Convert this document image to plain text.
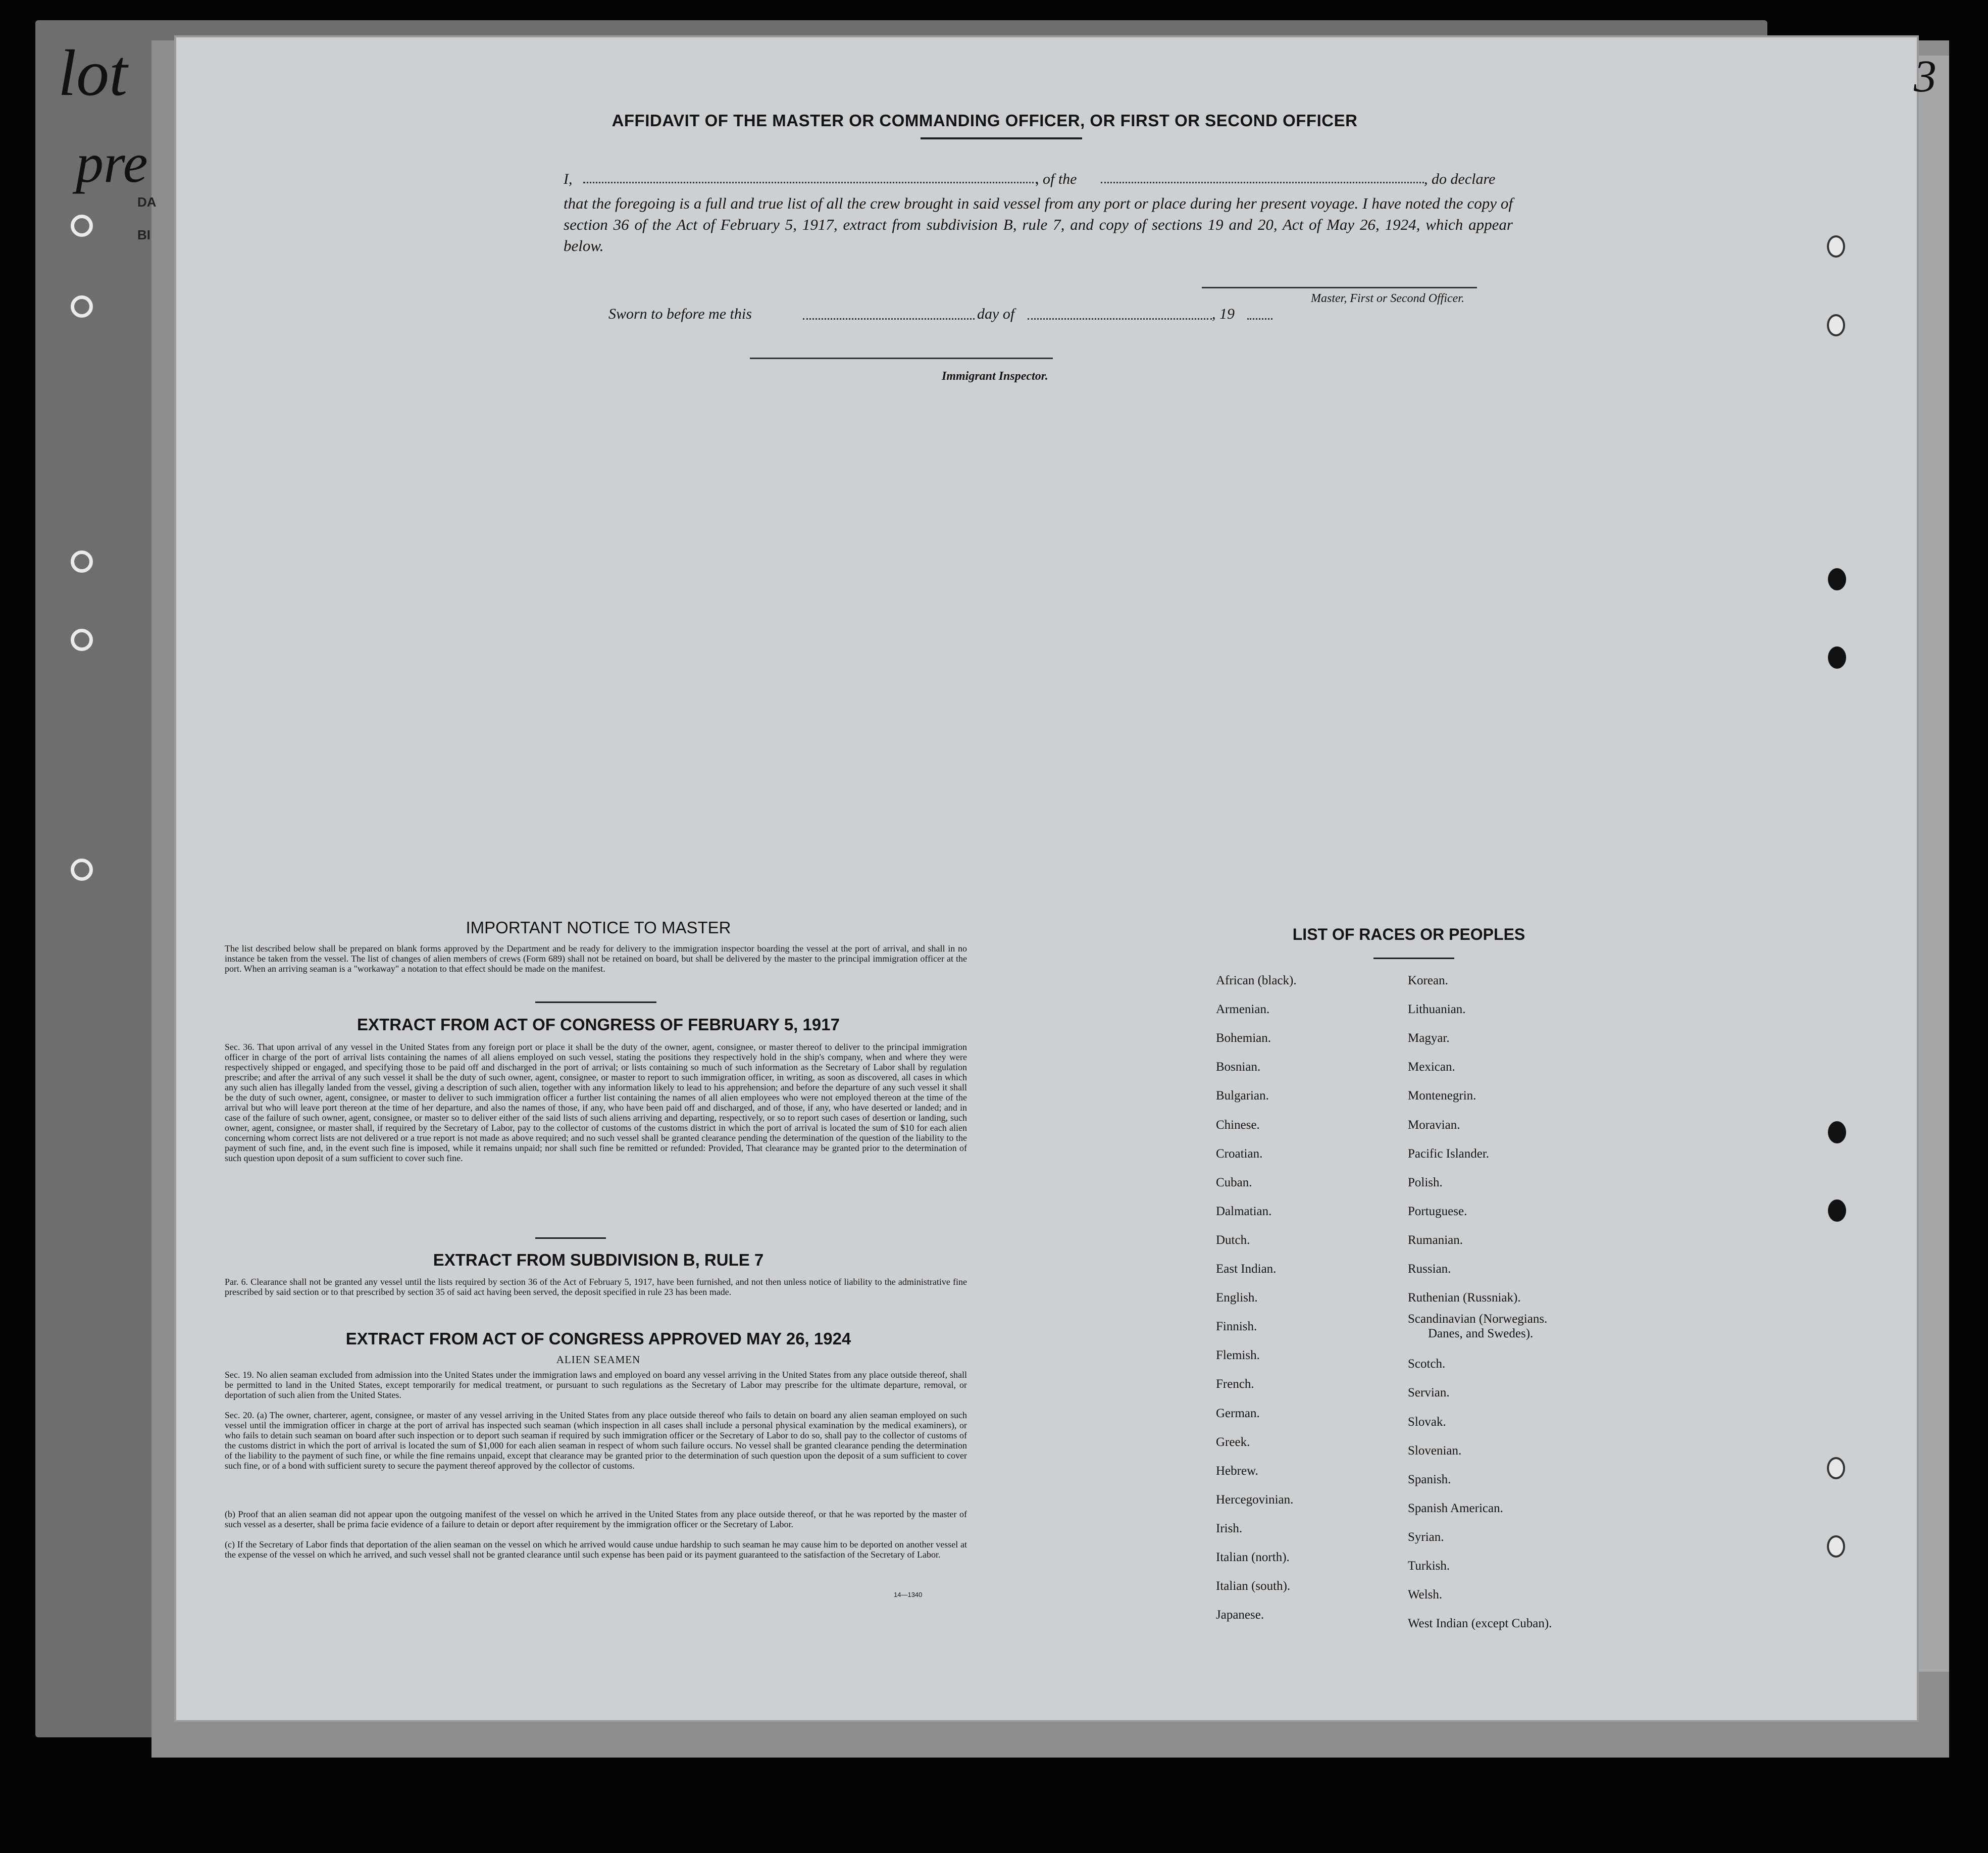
lot
pre
DA
BI
3
AFFIDAVIT OF THE MASTER OR COMMANDING OFFICER, OR FIRST OR SECOND OFFICER
I,	, of the	, do declare
that the foregoing is a full and true list of all the crew brought in said vessel from any port or place during her present voyage. I have noted the copy of section 36 of the Act of February 5, 1917, extract from subdivision B, rule 7, and copy of sections 19 and 20, Act of May 26, 1924, which appear below.
Master, First or Second Officer.
Sworn to before me this	day of	, 19
Immigrant Inspector.
IMPORTANT NOTICE TO MASTER
The list described below shall be prepared on blank forms approved by the Department and be ready for delivery to the immigration inspector boarding the vessel at the port of arrival, and shall in no instance be taken from the vessel. The list of changes of alien members of crews (Form 689) shall not be retained on board, but shall be delivered by the master to the principal immigration officer at the port. When an arriving seaman is a "workaway" a notation to that effect should be made on the manifest.
EXTRACT FROM ACT OF CONGRESS OF FEBRUARY 5, 1917
Sec. 36. That upon arrival of any vessel in the United States from any foreign port or place it shall be the duty of the owner, agent, consignee, or master thereof to deliver to the principal immigration officer in charge of the port of arrival lists containing the names of all aliens employed on such vessel, stating the positions they respectively hold in the ship's company, when and where they were respectively shipped or engaged, and specifying those to be paid off and discharged in the port of arrival; or lists containing so much of such information as the Secretary of Labor shall by regulation prescribe; and after the arrival of any such vessel it shall be the duty of such owner, agent, consignee, or master to report to such immigration officer, in writing, as soon as discovered, all cases in which any such alien has illegally landed from the vessel, giving a description of such alien, together with any information likely to lead to his apprehension; and before the departure of any such vessel it shall be the duty of such owner, agent, consignee, or master to deliver to such immigration officer a further list containing the names of all alien employees who were not employed thereon at the time of the arrival but who will leave port thereon at the time of her departure, and also the names of those, if any, who have been paid off and discharged, and of those, if any, who have deserted or landed; and in case of the failure of such owner, agent, consignee, or master so to deliver either of the said lists of such aliens arriving and departing, respectively, or so to report such cases of desertion or landing, such owner, agent, consignee, or master shall, if required by the Secretary of Labor, pay to the collector of customs of the customs district in which the port of arrival is located the sum of $10 for each alien concerning whom correct lists are not delivered or a true report is not made as above required; and no such vessel shall be granted clearance pending the determination of the question of the liability to the payment of such fine, and, in the event such fine is imposed, while it remains unpaid; nor shall such fine be remitted or refunded: Provided, That clearance may be granted prior to the determination of such question upon deposit of a sum sufficient to cover such fine.
EXTRACT FROM SUBDIVISION B, RULE 7
Par. 6. Clearance shall not be granted any vessel until the lists required by section 36 of the Act of February 5, 1917, have been furnished, and not then unless notice of liability to the administrative fine prescribed by said section or to that prescribed by section 35 of said act having been served, the deposit specified in rule 23 has been made.
EXTRACT FROM ACT OF CONGRESS APPROVED MAY 26, 1924
ALIEN SEAMEN
Sec. 19. No alien seaman excluded from admission into the United States under the immigration laws and employed on board any vessel arriving in the United States from any place outside thereof, shall be permitted to land in the United States, except temporarily for medical treatment, or pursuant to such regulations as the Secretary of Labor may prescribe for the ultimate departure, removal, or deportation of such alien from the United States.
Sec. 20. (a) The owner, charterer, agent, consignee, or master of any vessel arriving in the United States from any place outside thereof who fails to detain on board any alien seaman employed on such vessel until the immigration officer in charge at the port of arrival has inspected such seaman (which inspection in all cases shall include a personal physical examination by the medical examiners), or who fails to detain such seaman on board after such inspection or to deport such seaman if required by such immigration officer or the Secretary of Labor to do so, shall pay to the collector of customs of the customs district in which the port of arrival is located the sum of $1,000 for each alien seaman in respect of whom such failure occurs. No vessel shall be granted clearance pending the determination of the liability to the payment of such fine, or while the fine remains unpaid, except that clearance may be granted prior to the determination of such question upon the deposit of a sum sufficient to cover such fine, or of a bond with sufficient surety to secure the payment thereof approved by the collector of customs.
(b) Proof that an alien seaman did not appear upon the outgoing manifest of the vessel on which he arrived in the United States from any place outside thereof, or that he was reported by the master of such vessel as a deserter, shall be prima facie evidence of a failure to detain or deport after requirement by the immigration officer or the Secretary of Labor.
(c) If the Secretary of Labor finds that deportation of the alien seaman on the vessel on which he arrived would cause undue hardship to such seaman he may cause him to be deported on another vessel at the expense of the vessel on which he arrived, and such vessel shall not be granted clearance until such expense has been paid or its payment guaranteed to the satisfaction of the Secretary of Labor.
14—1340
LIST OF RACES OR PEOPLES
African (black).
Armenian.
Bohemian.
Bosnian.
Bulgarian.
Chinese.
Croatian.
Cuban.
Dalmatian.
Dutch.
East Indian.
English.
Finnish.
Flemish.
French.
German.
Greek.
Hebrew.
Hercegovinian.
Irish.
Italian (north).
Italian (south).
Japanese.
Korean.
Lithuanian.
Magyar.
Mexican.
Montenegrin.
Moravian.
Pacific Islander.
Polish.
Portuguese.
Rumanian.
Russian.
Ruthenian (Russniak).
Scandinavian (Norwegians.
Scotch.
Servian.
Slovak.
Slovenian.
Spanish.
Spanish American.
Syrian.
Turkish.
Welsh.
West Indian (except Cuban).
Danes, and Swedes).
